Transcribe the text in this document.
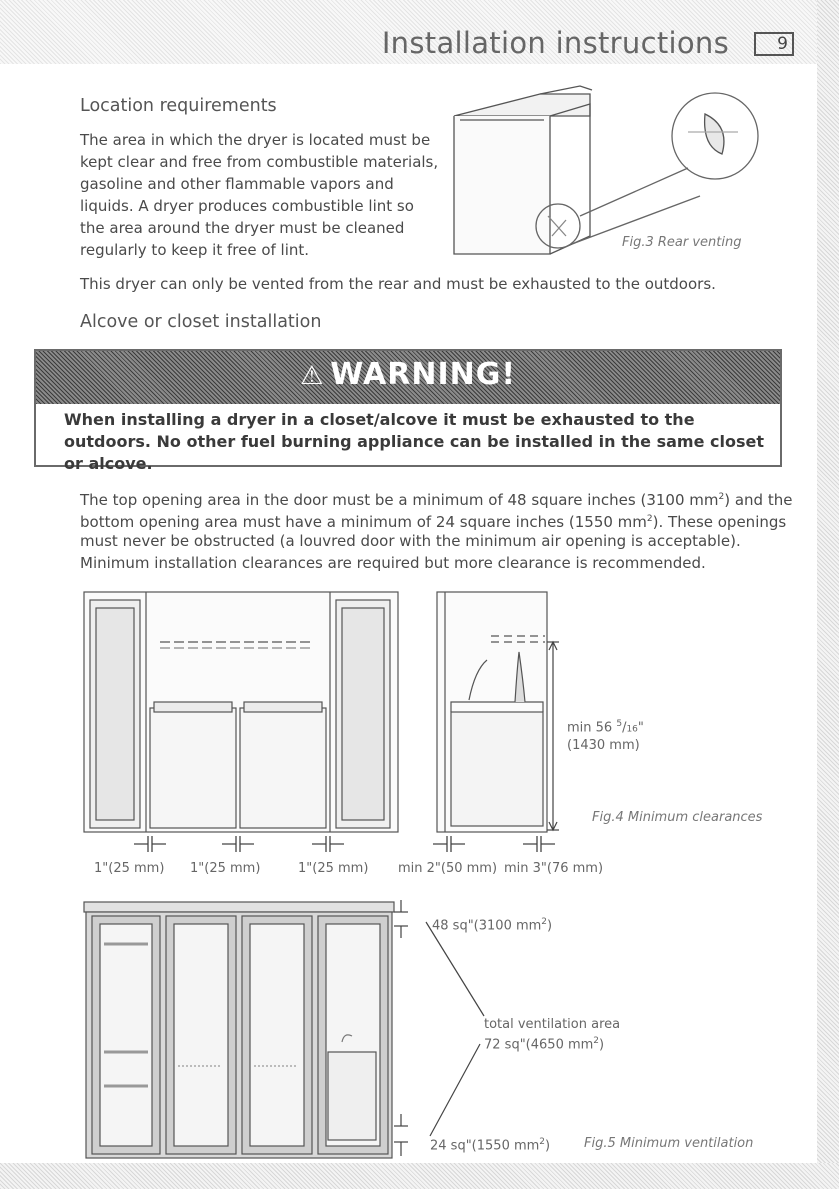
Installation instructions	9
Location requirements
The area in which the dryer is located must be kept clear and free from combustible materials, gasoline and other flammable vapors and liquids. A dryer produces combustible lint so the area around the dryer must be cleaned regularly to keep it free of lint.	Fig.3 Rear venting
This dryer can only be vented from the rear and must be exhausted to the outdoors.
Alcove or closet installation
⚠ WARNING!
When installing a dryer in a closet/alcove it must be exhausted to the outdoors. No other fuel burning appliance can be installed in the same closet or alcove.
The top opening area in the door must be a minimum of 48 square inches (3100 $mm^2$) and the
bottom opening area must have a minimum of 24 square inches (1550 $mm^2$). These openings
must never be obstructed (a louvred door with the minimum air opening is acceptable).
Minimum installation clearances are required but more clearance is recommended.
min 56 $^5$/16"
(1430 mm)
Fig.4 Minimum clearances
1"(25 mm) 1"(25 mm)	1"(25 mm) min 2"(50 mm) min 3"(76 mm)
48 sq"(3100 $mm^2$)
total ventilation area
72 sq"(4650 $mm^2$)
24 sq"(1550 $mm^2$)	Fig.5 Minimum ventilation
